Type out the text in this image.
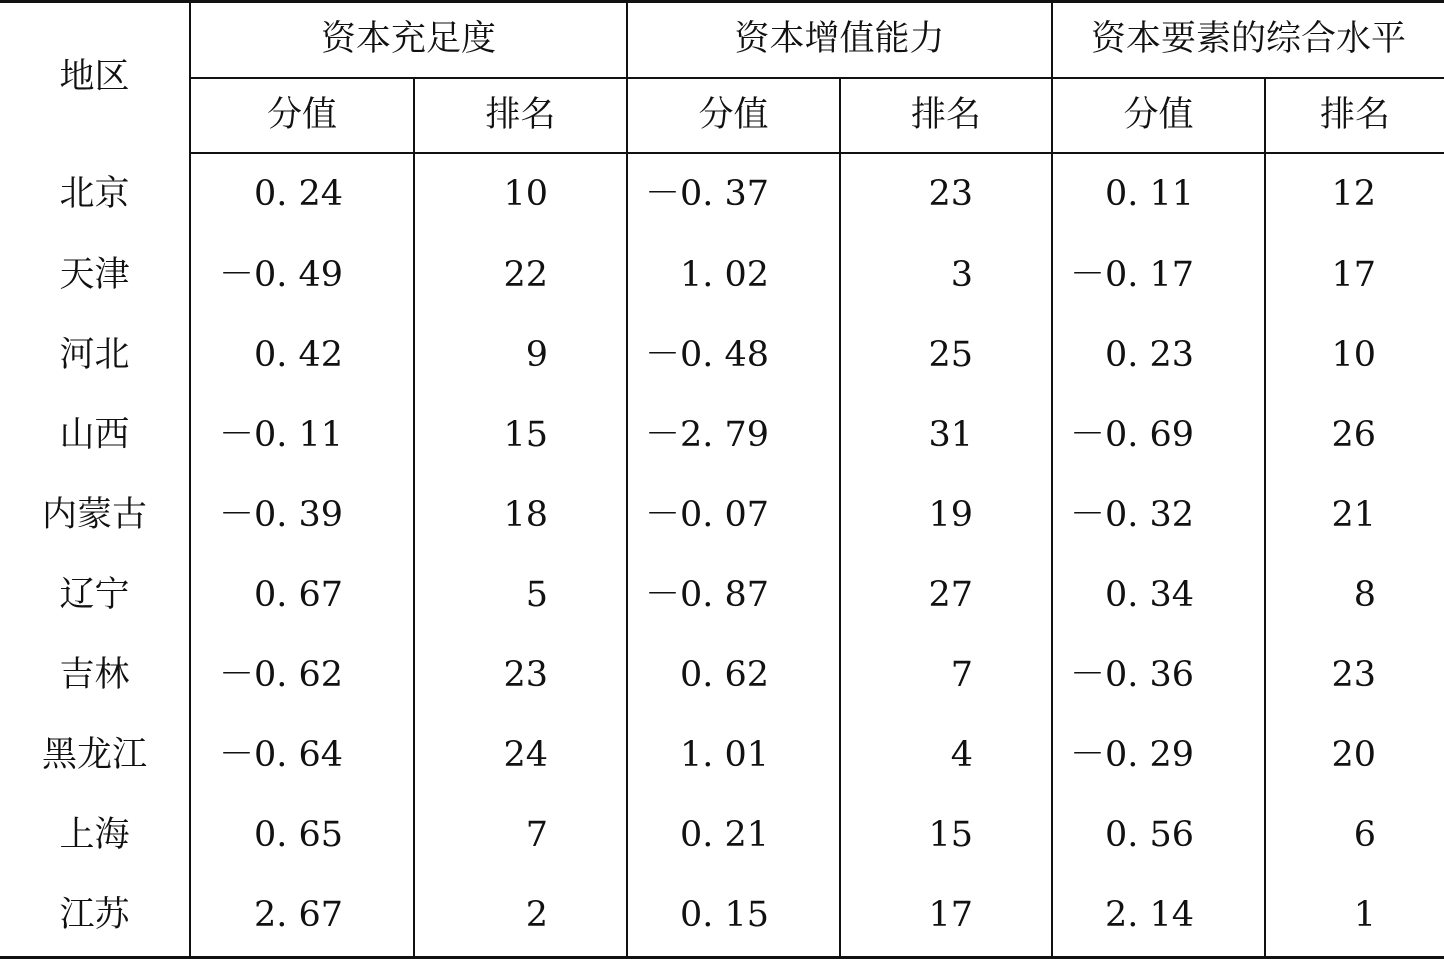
地区	资本充足度		资本增值能力		资本要素的综合水平	
	分值	排名	分值	排名	分值	排名
北京	0. 24	10	－0. 37	23	0. 11	12
天津	－0. 49	22	1. 02	3	－0. 17	17
河北	0. 42	9	－0. 48	25	0. 23	10
山西	－0. 11	15	－2. 79	31	－0. 69	26
内蒙古	－0. 39	18	－0. 07	19	－0. 32	21
辽宁	0. 67	5	－0. 87	27	0. 34	8
吉林	－0. 62	23	0. 62	7	－0. 36	23
黑龙江	－0. 64	24	1. 01	4	－0. 29	20
上海	0. 65	7	0. 21	15	0. 56	6
江苏	2. 67	2	0. 15	17	2. 14	1
